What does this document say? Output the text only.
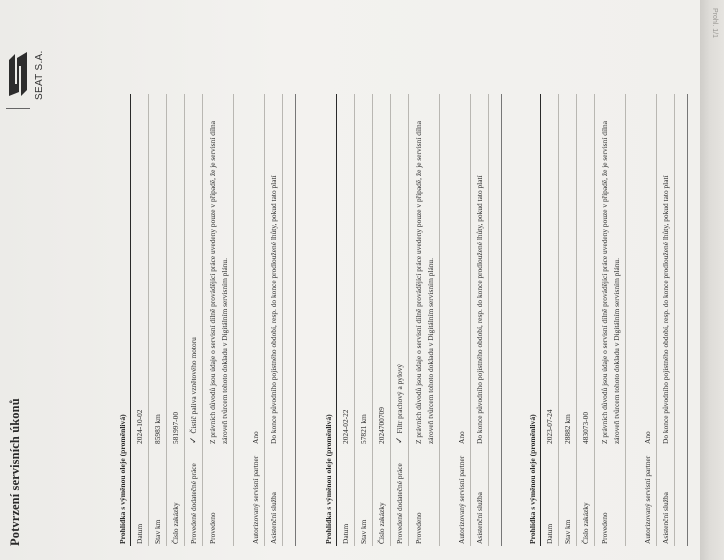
Potvrzení servisních úkonů
SEAT S.A.
Prohlídka s výměnou oleje (proměnlivá)	Datum
2024-10-02
Stav km
85983 km
Číslo zakázky
581997-00
Provedené dodatečné práce
✓Čistič paliva vznětového motoru
Provedeno
Z právních důvodů jsou údaje o servisní dílně provádějící práce uvedeny pouze v případě, že je servisní dílna zároveň tvůrcem tohoto dokladu v Digitálním servisním plánu.
Autorizovaný servisní partner
Ano
Asistenční služba
Do konce původního pojistného období, resp. do konce prodloužené lhůty, pokud tato platí
Prohlídka s výměnou oleje (proměnlivá)	Datum
2024-02-22
Stav km
57821 km
Číslo zakázky
2024700709
Provedené dodatečné práce
✓Filtr prachový a pylový
Provedeno
Z právních důvodů jsou údaje o servisní dílně provádějící práce uvedeny pouze v případě, že je servisní dílna zároveň tvůrcem tohoto dokladu v Digitálním servisním plánu.
Autorizovaný servisní partner
Ano
Asistenční služba
Do konce původního pojistného období, resp. do konce prodloužené lhůty, pokud tato platí
Prohlídka s výměnou oleje (proměnlivá)	Datum
2023-07-24
Stav km
28882 km
Číslo zakázky
483073-00
Provedeno
Z právních důvodů jsou údaje o servisní dílně provádějící práce uvedeny pouze v případě, že je servisní dílna zároveň tvůrcem tohoto dokladu v Digitálním servisním plánu.
Autorizovaný servisní partner
Ano
Asistenční služba
Do konce původního pojistného období, resp. do konce prodloužené lhůty, pokud tato platí
Prohl. 1/1
